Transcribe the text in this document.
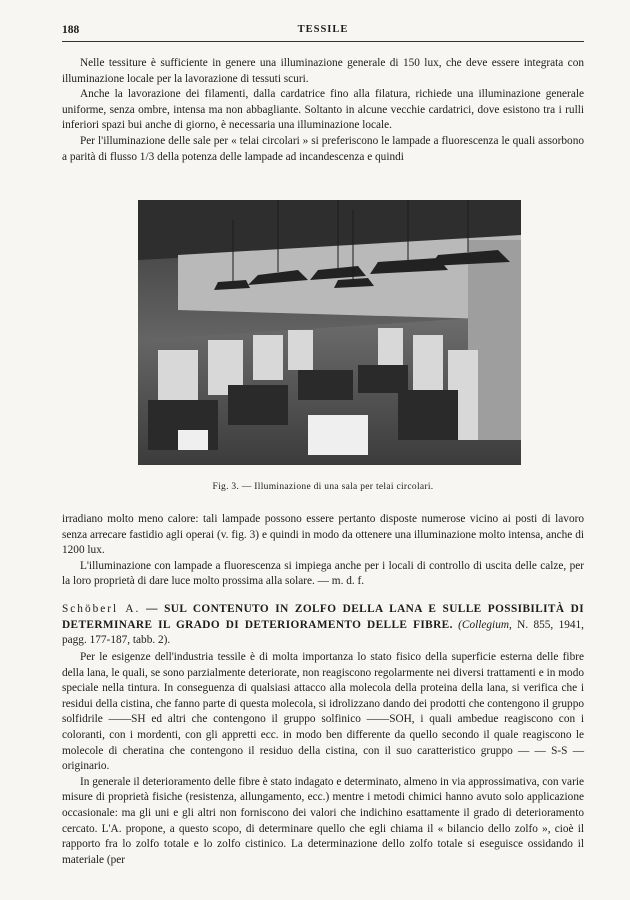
188	TESSILE

Nelle tessiture è sufficiente in genere una illuminazione generale di 150 lux, che deve essere integrata con illuminazione locale per la lavorazione di tessuti scuri.

Anche la lavorazione dei filamenti, dalla cardatrice fino alla filatura, richiede una illuminazione generale uniforme, senza ombre, intensa ma non abbagliante. Soltanto in alcune vecchie cardatrici, dove esistono tra i rulli inferiori spazi bui anche di giorno, è necessaria una illuminazione locale.

Per l'illuminazione delle sale per « telai circolari » si preferiscono le lampade a fluorescenza le quali assorbono a parità di flusso 1/3 della potenza delle lampade ad incandescenza e quindi

Fig. 3. — Illuminazione di una sala per telai circolari.

irradiano molto meno calore: tali lampade possono essere pertanto disposte numerose vicino ai posti di lavoro senza arrecare fastidio agli operai (v. fig. 3) e quindi in modo da ottenere una illuminazione molto intensa, anche di 1200 lux.

L'illuminazione con lampade a fluorescenza si impiega anche per i locali di controllo di uscita delle calze, per la loro proprietà di dare luce molto prossima alla solare. — m. d. f.

Schöberl A. — SUL CONTENUTO IN ZOLFO DELLA LANA E SULLE POSSIBILITÀ DI DETERMINARE IL GRADO DI DETERIORAMENTO DELLE FIBRE. (Collegium, N. 855, 1941, pagg. 177-187, tabb. 2).

Per le esigenze dell'industria tessile è di molta importanza lo stato fisico della superficie esterna delle fibre della lana, le quali, se sono parzialmente deteriorate, non reagiscono regolarmente nei diversi trattamenti e in modo speciale nella tintura. In conseguenza di qualsiasi attacco alla molecola della proteina della lana, si verifica che i residui della cistina, che fanno parte di questa molecola, si idrolizzano dando dei prodotti che contengono il gruppo solfidrile ——SH ed altri che contengono il gruppo solfinico ——SOH, i quali ambedue reagiscono con i coloranti, con i mordenti, con gli appretti ecc. in modo ben differente da quello secondo il quale reagiscono le molecole di cheratina che contengono il residuo della cistina, con il suo caratteristico gruppo — — S-S — originario.

In generale il deterioramento delle fibre è stato indagato e determinato, almeno in via approssimativa, con varie misure di proprietà fisiche (resistenza, allungamento, ecc.) mentre i metodi chimici hanno avuto solo applicazione occasionale: ma gli uni e gli altri non forniscono dei valori che indichino esattamente il grado di deterioramento cercato. L'A. propone, a questo scopo, di determinare quello che egli chiama il « bilancio dello zolfo », cioè il rapporto fra lo zolfo totale e lo zolfo cistinico. La determinazione dello zolfo totale si eseguisce ossidando il materiale (per
